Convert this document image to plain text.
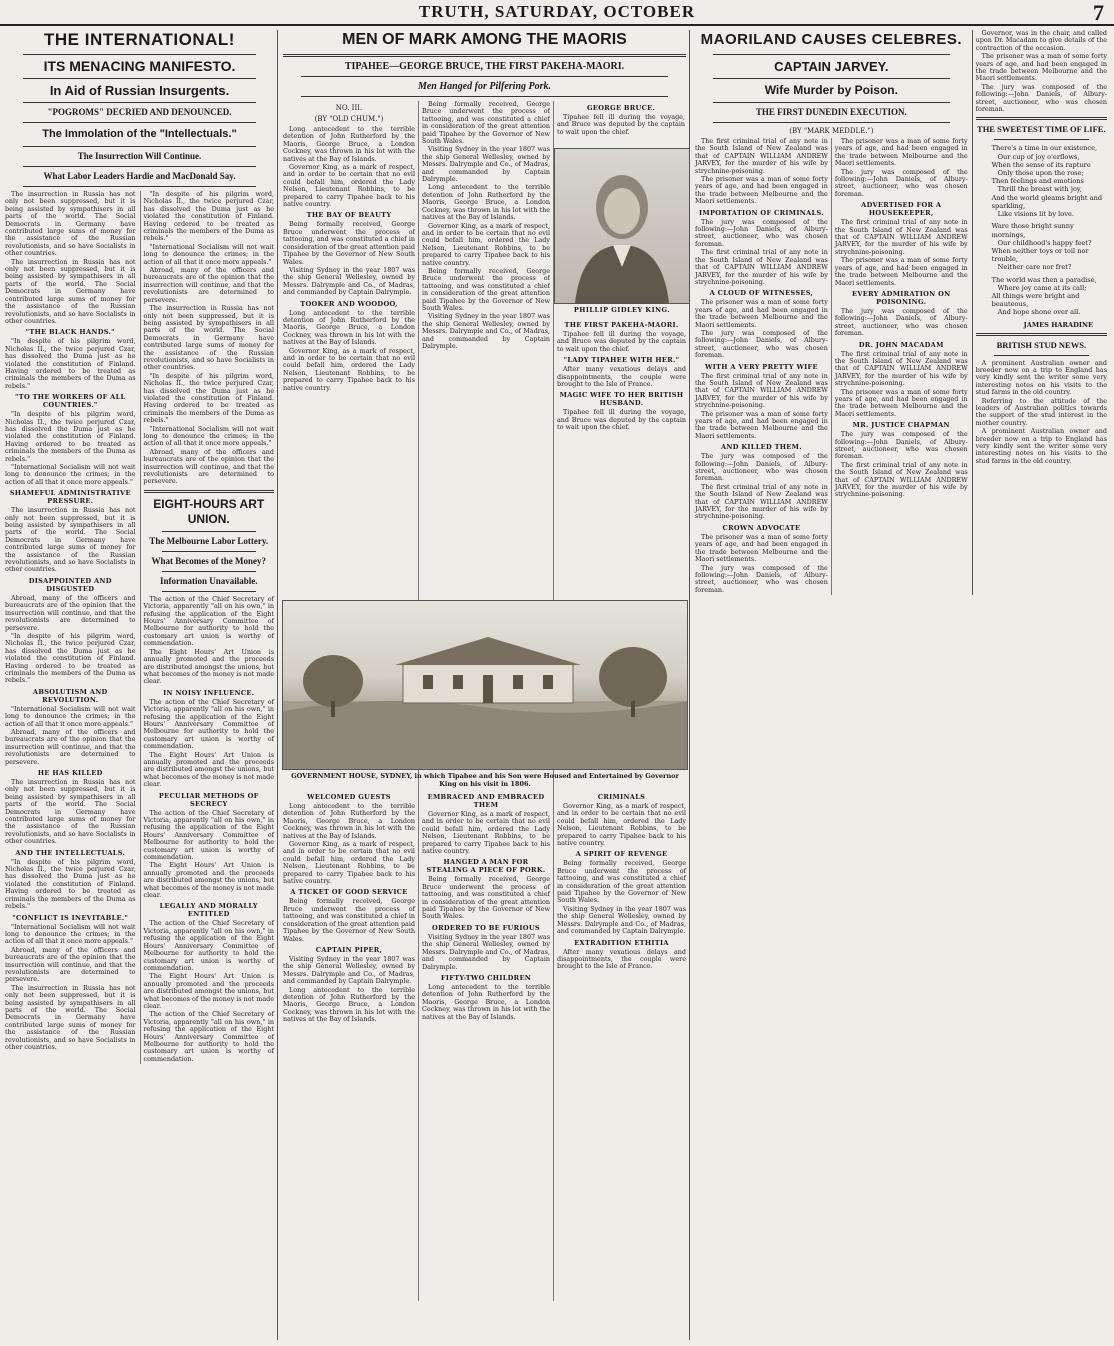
TRUTH, SATURDAY, OCTOBER	7
THE INTERNATIONAL!
ITS MENACING MANIFESTO.
In Aid of Russian Insurgents.
"POGROMS" DECRIED AND DENOUNCED.
The Immolation of the "Intellectuals."
The Insurrection Will Continue.
What Labor Leaders Hardie and MacDonald Say.

The insurrection in Russia has not only not been suppressed, but it is being assisted by sympathisers in all parts of the world. The Social Democrats in Germany have contributed large sums of money for the assistance of the Russian revolutionists, and so have Socialists in other countries.

The insurrection in Russia has not only not been suppressed, but it is being assisted by sympathisers in all parts of the world. The Social Democrats in Germany have contributed large sums of money for the assistance of the Russian revolutionists, and so have Socialists in other countries.

"THE BLACK HANDS."

"In despite of his pilgrim word, Nicholas II., the twice perjured Czar, has dissolved the Duma just as he violated the constitution of Finland. Having ordered to be treated as criminals the members of the Duma as rebels."

"TO THE WORKERS OF ALL COUNTRIES."

"In despite of his pilgrim word, Nicholas II., the twice perjured Czar, has dissolved the Duma just as he violated the constitution of Finland. Having ordered to be treated as criminals the members of the Duma as rebels."

"International Socialism will not wait long to denounce the crimes; in the action of all that it once more appeals."

SHAMEFUL ADMINISTRATIVE PRESSURE.

The insurrection in Russia has not only not been suppressed, but it is being assisted by sympathisers in all parts of the world. The Social Democrats in Germany have contributed large sums of money for the assistance of the Russian revolutionists, and so have Socialists in other countries.

DISAPPOINTED AND DISGUSTED

Abroad, many of the officers and bureaucrats are of the opinion that the insurrection will continue, and that the revolutionists are determined to persevere.

"In despite of his pilgrim word, Nicholas II., the twice perjured Czar, has dissolved the Duma just as he violated the constitution of Finland. Having ordered to be treated as criminals the members of the Duma as rebels."

ABSOLUTISM AND REVOLUTION.

"International Socialism will not wait long to denounce the crimes; in the action of all that it once more appeals."

Abroad, many of the officers and bureaucrats are of the opinion that the insurrection will continue, and that the revolutionists are determined to persevere.

HE HAS KILLED

The insurrection in Russia has not only not been suppressed, but it is being assisted by sympathisers in all parts of the world. The Social Democrats in Germany have contributed large sums of money for the assistance of the Russian revolutionists, and so have Socialists in other countries.

AND THE INTELLECTUALS.

"In despite of his pilgrim word, Nicholas II., the twice perjured Czar, has dissolved the Duma just as he violated the constitution of Finland. Having ordered to be treated as criminals the members of the Duma as rebels."

"CONFLICT IS INEVITABLE."

"International Socialism will not wait long to denounce the crimes; in the action of all that it once more appeals."

Abroad, many of the officers and bureaucrats are of the opinion that the insurrection will continue, and that the revolutionists are determined to persevere.

The insurrection in Russia has not only not been suppressed, but it is being assisted by sympathisers in all parts of the world. The Social Democrats in Germany have contributed large sums of money for the assistance of the Russian revolutionists, and so have Socialists in other countries.

"In despite of his pilgrim word, Nicholas II., the twice perjured Czar, has dissolved the Duma just as he violated the constitution of Finland. Having ordered to be treated as criminals the members of the Duma as rebels."

"International Socialism will not wait long to denounce the crimes; in the action of all that it once more appeals."

Abroad, many of the officers and bureaucrats are of the opinion that the insurrection will continue, and that the revolutionists are determined to persevere.

The insurrection in Russia has not only not been suppressed, but it is being assisted by sympathisers in all parts of the world. The Social Democrats in Germany have contributed large sums of money for the assistance of the Russian revolutionists, and so have Socialists in other countries.

"In despite of his pilgrim word, Nicholas II., the twice perjured Czar, has dissolved the Duma just as he violated the constitution of Finland. Having ordered to be treated as criminals the members of the Duma as rebels."

"International Socialism will not wait long to denounce the crimes; in the action of all that it once more appeals."

Abroad, many of the officers and bureaucrats are of the opinion that the insurrection will continue, and that the revolutionists are determined to persevere.

EIGHT-HOURS ART UNION.
The Melbourne Labor Lottery.
What Becomes of the Money?
Information Unavailable.

The action of the Chief Secretary of Victoria, apparently "all on his own," in refusing the application of the Eight Hours' Anniversary Committee of Melbourne for authority to hold the customary art union is worthy of commendation.

The Eight Hours' Art Union is annually promoted and the proceeds are distributed amongst the unions, but what becomes of the money is not made clear.

IN NOISY INFLUENCE.

The action of the Chief Secretary of Victoria, apparently "all on his own," in refusing the application of the Eight Hours' Anniversary Committee of Melbourne for authority to hold the customary art union is worthy of commendation.

The Eight Hours' Art Union is annually promoted and the proceeds are distributed amongst the unions, but what becomes of the money is not made clear.

PECULIAR METHODS OF SECRECY

The action of the Chief Secretary of Victoria, apparently "all on his own," in refusing the application of the Eight Hours' Anniversary Committee of Melbourne for authority to hold the customary art union is worthy of commendation.

The Eight Hours' Art Union is annually promoted and the proceeds are distributed amongst the unions, but what becomes of the money is not made clear.

LEGALLY AND MORALLY ENTITLED

The action of the Chief Secretary of Victoria, apparently "all on his own," in refusing the application of the Eight Hours' Anniversary Committee of Melbourne for authority to hold the customary art union is worthy of commendation.

The Eight Hours' Art Union is annually promoted and the proceeds are distributed amongst the unions, but what becomes of the money is not made clear.

The action of the Chief Secretary of Victoria, apparently "all on his own," in refusing the application of the Eight Hours' Anniversary Committee of Melbourne for authority to hold the customary art union is worthy of commendation.

MEN OF MARK AMONG THE MAORIS
TIPAHEE—GEORGE BRUCE, THE FIRST PAKEHA-MAORI.
Men Hanged for Pilfering Pork.
NO. III.
(BY "OLD CHUM.")

Long antecedent to the terrible detention of John Rutherford by the Maoris, George Bruce, a London Cockney, was thrown in his lot with the natives at the Bay of Islands.

Governor King, as a mark of respect, and in order to be certain that no evil could befall him, ordered the Lady Nelson, Lieutenant Robbins, to be prepared to carry Tipahee back to his native country.

THE BAY OF BEAUTY

Being formally received, George Bruce underwent the process of tattooing, and was constituted a chief in consideration of the great attention paid Tipahee by the Governor of New South Wales.

Visiting Sydney in the year 1807 was the ship General Wellesley, owned by Messrs. Dalrymple and Co., of Madras, and commanded by Captain Dalrymple.

TOOKER AND WOODOO,

Long antecedent to the terrible detention of John Rutherford by the Maoris, George Bruce, a London Cockney, was thrown in his lot with the natives at the Bay of Islands.

Governor King, as a mark of respect, and in order to be certain that no evil could befall him, ordered the Lady Nelson, Lieutenant Robbins, to be prepared to carry Tipahee back to his native country.

Being formally received, George Bruce underwent the process of tattooing, and was constituted a chief in consideration of the great attention paid Tipahee by the Governor of New South Wales.

Visiting Sydney in the year 1807 was the ship General Wellesley, owned by Messrs. Dalrymple and Co., of Madras, and commanded by Captain Dalrymple.

Long antecedent to the terrible detention of John Rutherford by the Maoris, George Bruce, a London Cockney, was thrown in his lot with the natives at the Bay of Islands.

Governor King, as a mark of respect, and in order to be certain that no evil could befall him, ordered the Lady Nelson, Lieutenant Robbins, to be prepared to carry Tipahee back to his native country.

Being formally received, George Bruce underwent the process of tattooing, and was constituted a chief in consideration of the great attention paid Tipahee by the Governor of New South Wales.

Visiting Sydney in the year 1807 was the ship General Wellesley, owned by Messrs. Dalrymple and Co., of Madras, and commanded by Captain Dalrymple.

GEORGE BRUCE.

Tipahee fell ill during the voyage, and Bruce was deputed by the captain to wait upon the chief.

PHILLIP GIDLEY KING.
GOVERNMENT HOUSE, SYDNEY, in which Tipahee and his Son were Housed and Entertained by Governor King on his visit in 1806.
WELCOMED GUESTS

Long antecedent to the terrible detention of John Rutherford by the Maoris, George Bruce, a London Cockney, was thrown in his lot with the natives at the Bay of Islands.

Governor King, as a mark of respect, and in order to be certain that no evil could befall him, ordered the Lady Nelson, Lieutenant Robbins, to be prepared to carry Tipahee back to his native country.

A TICKET OF GOOD SERVICE

Being formally received, George Bruce underwent the process of tattooing, and was constituted a chief in consideration of the great attention paid Tipahee by the Governor of New South Wales.

CAPTAIN PIPER,

Visiting Sydney in the year 1807 was the ship General Wellesley, owned by Messrs. Dalrymple and Co., of Madras, and commanded by Captain Dalrymple.

Long antecedent to the terrible detention of John Rutherford by the Maoris, George Bruce, a London Cockney, was thrown in his lot with the natives at the Bay of Islands.

EMBRACED AND EMBRACED THEM

Governor King, as a mark of respect, and in order to be certain that no evil could befall him, ordered the Lady Nelson, Lieutenant Robbins, to be prepared to carry Tipahee back to his native country.

HANGED A MAN FOR STEALING A PIECE OF PORK.

Being formally received, George Bruce underwent the process of tattooing, and was constituted a chief in consideration of the great attention paid Tipahee by the Governor of New South Wales.

ORDERED TO BE FURIOUS

Visiting Sydney in the year 1807 was the ship General Wellesley, owned by Messrs. Dalrymple and Co., of Madras, and commanded by Captain Dalrymple.

FIFTY-TWO CHILDREN

Long antecedent to the terrible detention of John Rutherford by the Maoris, George Bruce, a London Cockney, was thrown in his lot with the natives at the Bay of Islands.

CRIMINALS

Governor King, as a mark of respect, and in order to be certain that no evil could befall him, ordered the Lady Nelson, Lieutenant Robbins, to be prepared to carry Tipahee back to his native country.

A SPIRIT OF REVENGE

Being formally received, George Bruce underwent the process of tattooing, and was constituted a chief in consideration of the great attention paid Tipahee by the Governor of New South Wales.

Visiting Sydney in the year 1807 was the ship General Wellesley, owned by Messrs. Dalrymple and Co., of Madras, and commanded by Captain Dalrymple.

EXTRADITION ETHITIA

After many vexatious delays and disappointments, the couple were brought to the Isle of France.

THE FIRST PAKEHA-MAORI.

Tipahee fell ill during the voyage, and Bruce was deputed by the captain to wait upon the chief.

"LADY TIPAHEE WITH HER."

After many vexatious delays and disappointments, the couple were brought to the Isle of France.

MAGIC WIFE TO HER BRITISH HUSBAND.

Tipahee fell ill during the voyage, and Bruce was deputed by the captain to wait upon the chief.

MAORILAND CAUSES CELEBRES.
CAPTAIN JARVEY.
Wife Murder by Poison.
THE FIRST DUNEDIN EXECUTION.
(BY "MARK MEDDLE.")

The first criminal trial of any note in the South Island of New Zealand was that of CAPTAIN WILLIAM ANDREW JARVEY, for the murder of his wife by strychnine-poisoning.

The prisoner was a man of some forty years of age, and had been engaged in the trade between Melbourne and the Maori settlements.

IMPORTATION OF CRIMINALS.

The jury was composed of the following:—John Daniels, of Albury-street, auctioneer, who was chosen foreman.

The first criminal trial of any note in the South Island of New Zealand was that of CAPTAIN WILLIAM ANDREW JARVEY, for the murder of his wife by strychnine-poisoning.

A CLOUD OF WITNESSES,

The prisoner was a man of some forty years of age, and had been engaged in the trade between Melbourne and the Maori settlements.

The jury was composed of the following:—John Daniels, of Albury-street, auctioneer, who was chosen foreman.

WITH A VERY PRETTY WIFE

The first criminal trial of any note in the South Island of New Zealand was that of CAPTAIN WILLIAM ANDREW JARVEY, for the murder of his wife by strychnine-poisoning.

The prisoner was a man of some forty years of age, and had been engaged in the trade between Melbourne and the Maori settlements.

AND KILLED THEM.

The jury was composed of the following:—John Daniels, of Albury-street, auctioneer, who was chosen foreman.

The first criminal trial of any note in the South Island of New Zealand was that of CAPTAIN WILLIAM ANDREW JARVEY, for the murder of his wife by strychnine-poisoning.

CROWN ADVOCATE

The prisoner was a man of some forty years of age, and had been engaged in the trade between Melbourne and the Maori settlements.

The jury was composed of the following:—John Daniels, of Albury-street, auctioneer, who was chosen foreman.

The prisoner was a man of some forty years of age, and had been engaged in the trade between Melbourne and the Maori settlements.

The jury was composed of the following:—John Daniels, of Albury-street, auctioneer, who was chosen foreman.

ADVERTISED FOR A HOUSEKEEPER,

The first criminal trial of any note in the South Island of New Zealand was that of CAPTAIN WILLIAM ANDREW JARVEY, for the murder of his wife by strychnine-poisoning.

The prisoner was a man of some forty years of age, and had been engaged in the trade between Melbourne and the Maori settlements.

EVERY ADMIRATION ON POISONING.

The jury was composed of the following:—John Daniels, of Albury-street, auctioneer, who was chosen foreman.

DR. JOHN MACADAM

The first criminal trial of any note in the South Island of New Zealand was that of CAPTAIN WILLIAM ANDREW JARVEY, for the murder of his wife by strychnine-poisoning.

The prisoner was a man of some forty years of age, and had been engaged in the trade between Melbourne and the Maori settlements.

MR. JUSTICE CHAPMAN

The jury was composed of the following:—John Daniels, of Albury-street, auctioneer, who was chosen foreman.

The first criminal trial of any note in the South Island of New Zealand was that of CAPTAIN WILLIAM ANDREW JARVEY, for the murder of his wife by strychnine-poisoning.

Governor, was in the chair, and called upon Dr. Macadam to give details of the contraction of the occasion.

The prisoner was a man of some forty years of age, and had been engaged in the trade between Melbourne and the Maori settlements.

The jury was composed of the following:—John Daniels, of Albury-street, auctioneer, who was chosen foreman.

THE SWEETEST TIME OF LIFE.

There's a time in our existence,

Our cup of joy o'erflows,

When the sense of its rapture

Only those upon the rose;

Then feelings and emotions

Thrill the breast with joy,

And the world gleams bright and sparkling,

Like visions lit by love.

Ware those bright sunny mornings,

Our childhood's happy feet?

When neither toys or toil nor trouble,

Neither care nor fret?

The world was then a paradise,

Where joy came at its call;

All things were bright and beauteous,

And hope shone over all.

JAMES HARADINE
BRITISH STUD NEWS.

A prominent Australian owner and breeder now on a trip to England has very kindly sent the writer some very interesting notes on his visits to the stud farms in the old country.

Referring to the attitude of the leaders of Australian politics towards the support of the stud interest in the mother country.

A prominent Australian owner and breeder now on a trip to England has very kindly sent the writer some very interesting notes on his visits to the stud farms in the old country.
